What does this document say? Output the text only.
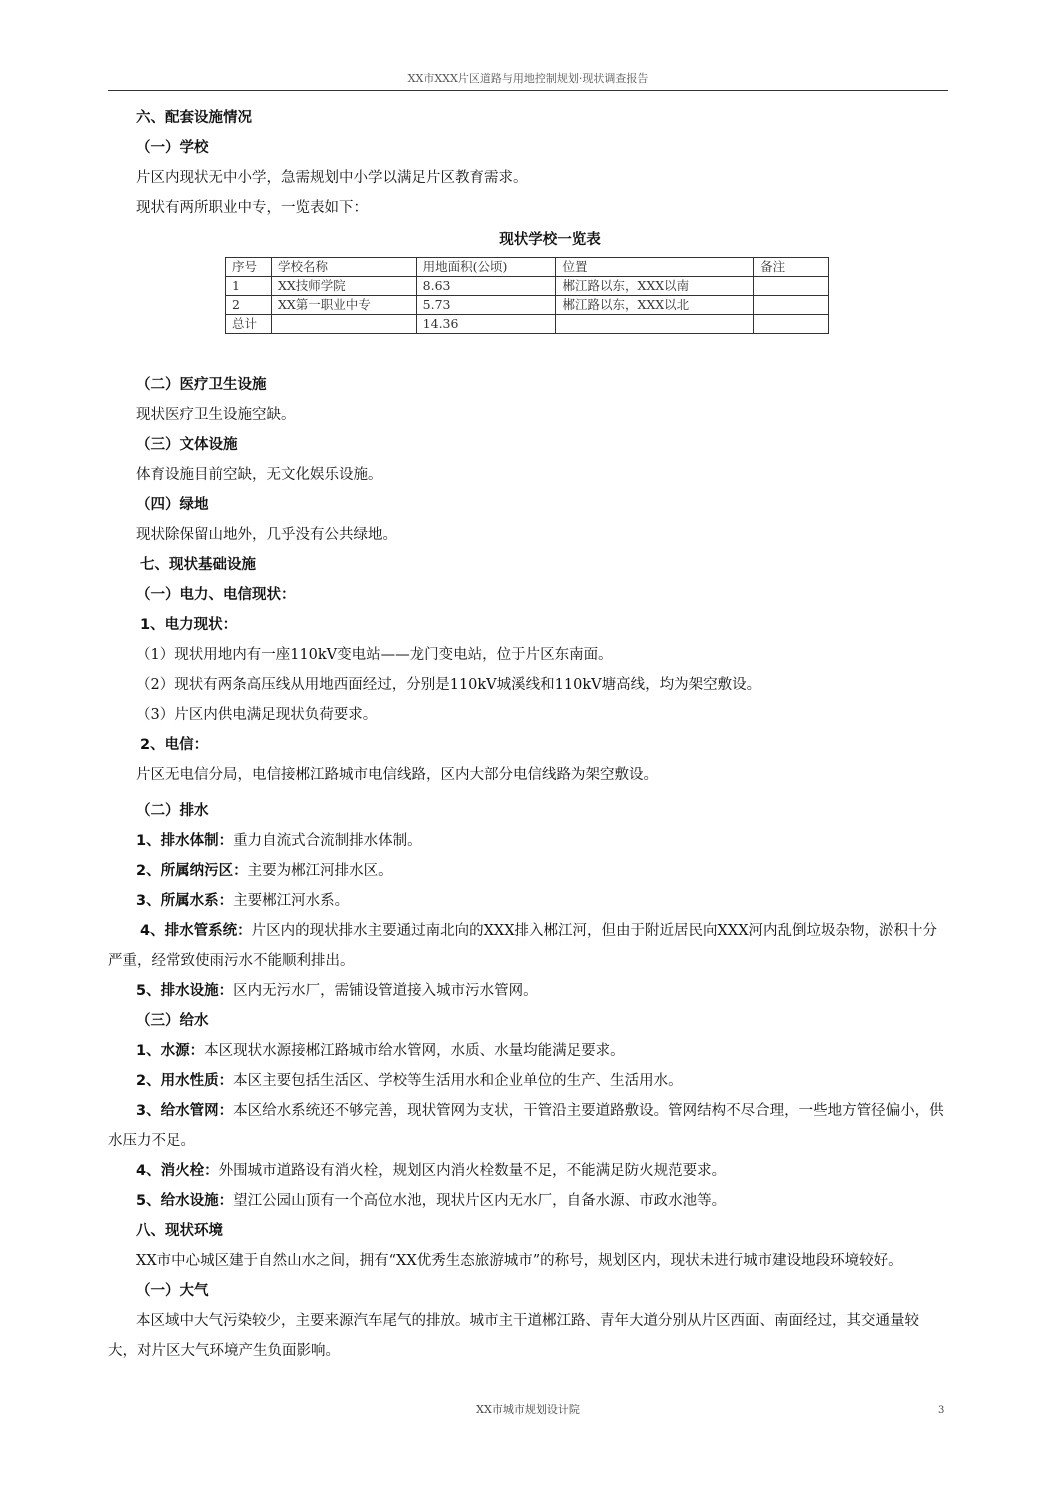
XX市XXX片区道路与用地控制规划·现状调查报告
六、配套设施情况
（一）学校
片区内现状无中小学，急需规划中小学以满足片区教育需求。
现状有两所职业中专，一览表如下：
现状学校一览表
序号	学校名称	用地面积(公顷)	位置	备注
1	XX技师学院	8.63	郴江路以东，XXX以南	
2	XX第一职业中专	5.73	郴江路以东，XXX以北	
总计		14.36		
（二）医疗卫生设施
现状医疗卫生设施空缺。
（三）文体设施
体育设施目前空缺，无文化娱乐设施。
（四）绿地
现状除保留山地外，几乎没有公共绿地。
七、现状基础设施
（一）电力、电信现状：
1、电力现状：
（1）现状用地内有一座110kV变电站——龙门变电站，位于片区东南面。
（2）现状有两条高压线从用地西面经过，分别是110kV城溪线和110kV塘高线，均为架空敷设。
（3）片区内供电满足现状负荷要求。
2、电信：
片区无电信分局，电信接郴江路城市电信线路，区内大部分电信线路为架空敷设。
（二）排水
1、排水体制：重力自流式合流制排水体制。
2、所属纳污区：主要为郴江河排水区。
3、所属水系：主要郴江河水系。
4、排水管系统：片区内的现状排水主要通过南北向的XXX排入郴江河，但由于附近居民向XXX河内乱倒垃圾杂物，淤积十分严重，经常致使雨污水不能顺利排出。
5、排水设施：区内无污水厂，需铺设管道接入城市污水管网。
（三）给水
1、水源：本区现状水源接郴江路城市给水管网，水质、水量均能满足要求。
2、用水性质：本区主要包括生活区、学校等生活用水和企业单位的生产、生活用水。
3、给水管网：本区给水系统还不够完善，现状管网为支状，干管沿主要道路敷设。管网结构不尽合理，一些地方管径偏小，供水压力不足。
4、消火栓：外围城市道路设有消火栓，规划区内消火栓数量不足，不能满足防火规范要求。
5、给水设施：望江公园山顶有一个高位水池，现状片区内无水厂，自备水源、市政水池等。
八、现状环境
XX市中心城区建于自然山水之间，拥有“XX优秀生态旅游城市”的称号，规划区内，现状未进行城市建设地段环境较好。
（一）大气
本区域中大气污染较少，主要来源汽车尾气的排放。城市主干道郴江路、青年大道分别从片区西面、南面经过，其交通量较大，对片区大气环境产生负面影响。
XX市城市规划设计院	3
